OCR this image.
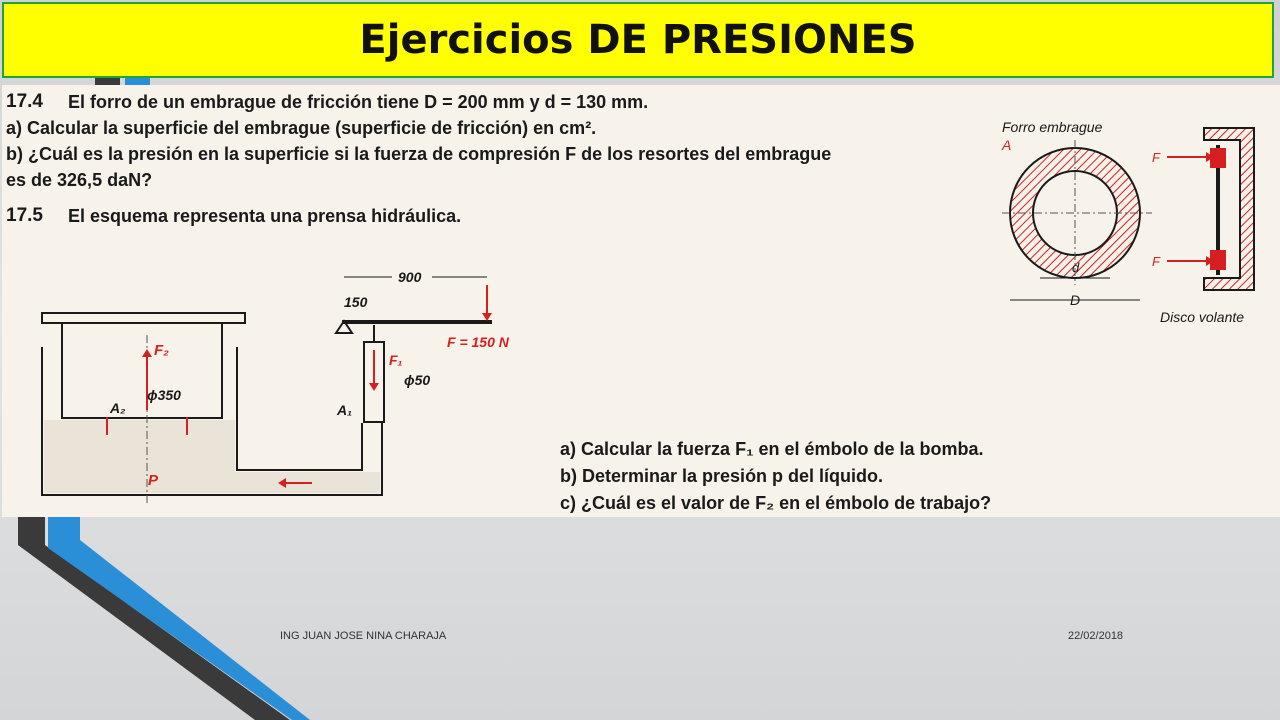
Ejercicios DE PRESIONES
17.4 El forro de un embrague de fricción tiene D = 200 mm y d = 130 mm.
a) Calcular la superficie del embrague (superficie de fricción) en cm².
b) ¿Cuál es la presión en la superficie si la fuerza de compresión F de los resortes del embrague
es de 326,5 daN?
17.5 El esquema representa una prensa hidráulica.
a) Calcular la fuerza F₁ en el émbolo de la bomba.
b) Determinar la presión p del líquido.
c) ¿Cuál es el valor de F₂ en el émbolo de trabajo?
Forro embrague
A
d
D
F
F
Disco volante
900
150
F = 150 N
F₁
ϕ50
A₁
F₂
ϕ350
A₂
P
ING JUAN JOSE NINA CHARAJA	22/02/2018
